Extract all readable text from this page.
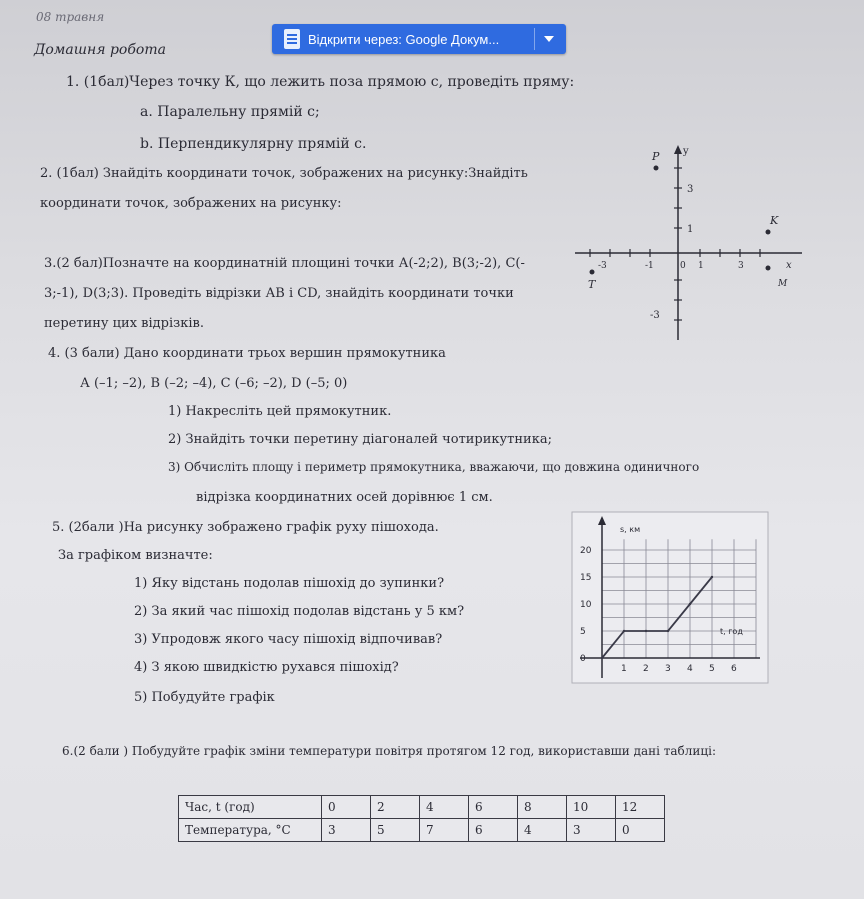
08 травня
Домашня робота
Відкрити через: Google Докум...
1. (1бал)Через точку К, що лежить поза прямою с, проведіть пряму:
a. Паралельну прямій с;
b. Перпендикулярну прямій с.
2. (1бал) Знайдіть координати точок, зображених на рисунку:Знайдіть
координати точок, зображених на рисунку:
3.(2 бал)Позначте на координатній площині точки А(-2;2), В(3;-2), С(-
3;-1), D(3;3). Проведіть відрізки АВ і CD, знайдіть координати точки
перетину цих відрізків.
4. (3 бали) Дано координати трьох вершин прямокутника
А (–1; –2), В (–2; –4), С (–6; –2), D (–5; 0)
1) Накресліть цей прямокутник.
2) Знайдіть точки перетину діагоналей чотирикутника;
3) Обчисліть площу і периметр прямокутника, вважаючи, що довжина одиничного
відрізка координатних осей дорівнює 1 см.
5. (2бали )На рисунку зображено графік руху пішохода.
За графіком визначте:
1) Яку відстань подолав пішохід до зупинки?
2) За який час пішохід подолав відстань у 5 км?
3) Упродовж якого часу пішохід відпочивав?
4) З якою швидкістю рухався пішохід?
5) Побудуйте графік
6.(2 бали ) Побудуйте графік зміни температури повітря протягом 12 год, використавши дані таблиці:
y
3
1
-3
-3	-1	0 1	3	x
P
K
T	M
s, км
t, год
20
15
10
5
0
1 2 3 4 5 6
Час, t (год)	0	2	4	6	8	10	12
Температура, °С	3	5	7	6	4	3	0
